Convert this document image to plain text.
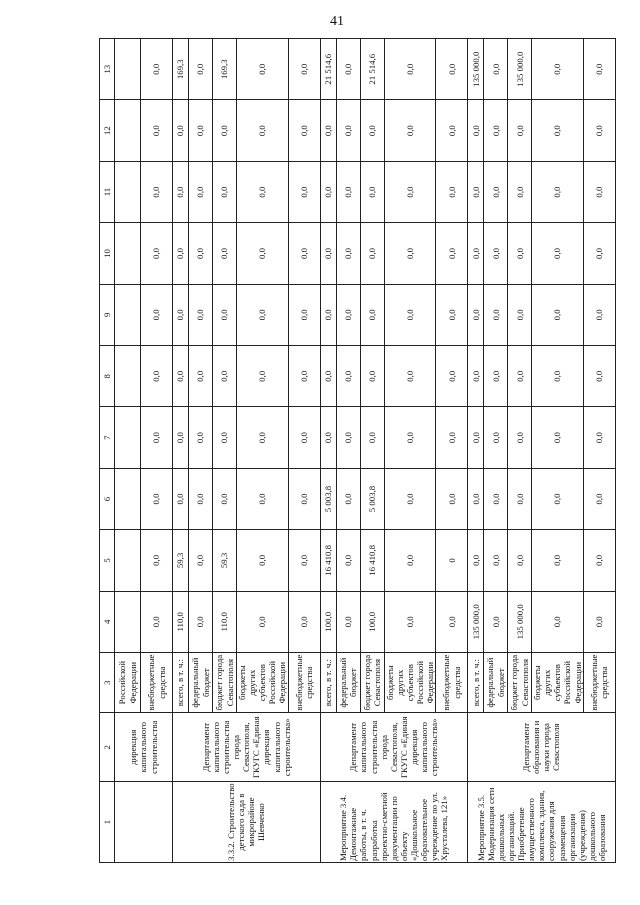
41
1	2	3	4	5	6	7	8	9	10	11	12	13
	дирекция капитального строительства	Российской Федерации										
		внебюджетные средства	0,0	0,0	0,0	0,0	0,0	0,0	0,0	0,0	0,0	0,0
3.3.2. Строительство детского сада в микрорайоне Шевченко	Департамент капитального строительства города Севастополя, ГКУГС «Единая дирекция капитального строительства»	всего, в т. ч.:	110,0	59,3	0,0	0,0	0,0	0,0	0,0	0,0	0,0	169,3
		федеральный бюджет	0,0	0,0	0,0	0,0	0,0	0,0	0,0	0,0	0,0	0,0
		бюджет города Севастополя	110,0	59,3	0,0	0,0	0,0	0,0	0,0	0,0	0,0	169,3
		бюджеты других субъектов Российской Федерации	0,0	0,0	0,0	0,0	0,0	0,0	0,0	0,0	0,0	0,0
		внебюджетные средства	0,0	0,0	0,0	0,0	0,0	0,0	0,0	0,0	0,0	0,0
Мероприятие 3.4. Демонтажные работы, в т. ч. разработка проектно-сметной документации по объекту «Дошкольное образовательное учреждение по ул. Хрусталева, 121»	Департамент капитального строительства города Севастополя, ГКУГС «Единая дирекция капитального строительства»	всего, в т. ч.:	100,0	16 410,8	5 003,8	0,0	0,0	0,0	0,0	0,0	0,0	21 514,6
		федеральный бюджет	0,0	0,0	0,0	0,0	0,0	0,0	0,0	0,0	0,0	0,0
		бюджет города Севастополя	100,0	16 410,8	5 003,8	0,0	0,0	0,0	0,0	0,0	0,0	21 514,6
		бюджеты других субъектов Российской Федерации	0,0	0,0	0,0	0,0	0,0	0,0	0,0	0,0	0,0	0,0
		внебюджетные средства	0,0	0	0,0	0,0	0,0	0,0	0,0	0,0	0,0	0,0
Мероприятие 3.5. Модернизация сети дошкольных организаций. Приобретение имущественного комплекса, здания, сооружения для размещения организации (учреждения) дошкольного образования	Департамент образования и науки города Севастополя	всего, в т. ч.:	135 000,0	0,0	0,0	0,0	0,0	0,0	0,0	0,0	0,0	135 000,0
		федеральный бюджет	0,0	0,0	0,0	0,0	0,0	0,0	0,0	0,0	0,0	0,0
		бюджет города Севастополя	135 000,0	0,0	0,0	0,0	0,0	0,0	0,0	0,0	0,0	135 000,0
		бюджеты других субъектов Российской Федерации	0,0	0,0	0,0	0,0	0,0	0,0	0,0	0,0	0,0	0,0
		внебюджетные средства	0,0	0,0	0,0	0,0	0,0	0,0	0,0	0,0	0,0	0,0
